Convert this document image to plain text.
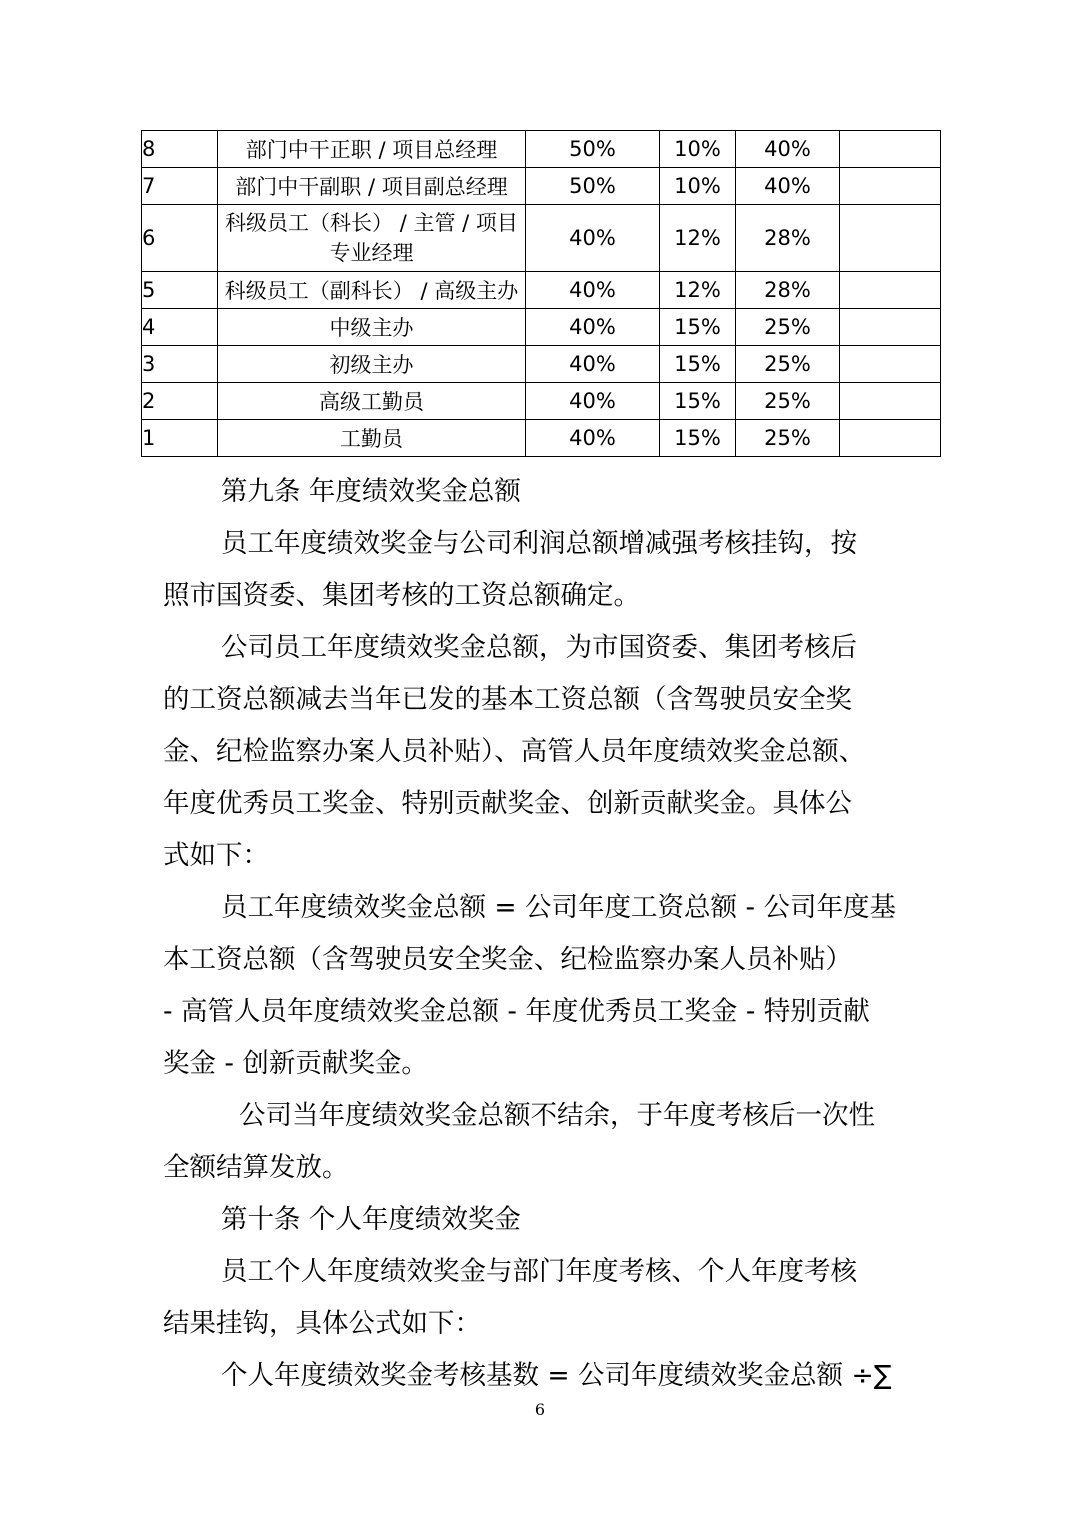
8	部门中干正职 / 项目总经理	50%	10%	40%	
7	部门中干副职 / 项目副总经理	50%	10%	40%	
6	科级员工（科长） / 主管 / 项目专业经理	40%	12%	28%	
5	科级员工（副科长） / 高级主办	40%	12%	28%	
4	中级主办	40%	15%	25%	
3	初级主办	40%	15%	25%	
2	高级工勤员	40%	15%	25%	
1	工勤员	40%	15%	25%	

第九条 年度绩效奖金总额

员工年度绩效奖金与公司利润总额增减强考核挂钩，按

照市国资委、集团考核的工资总额确定。

公司员工年度绩效奖金总额，为市国资委、集团考核后

的工资总额减去当年已发的基本工资总额（含驾驶员安全奖

金、纪检监察办案人员补贴）、高管人员年度绩效奖金总额、

年度优秀员工奖金、特别贡献奖金、创新贡献奖金。具体公

式如下：

员工年度绩效奖金总额 = 公司年度工资总额 - 公司年度基

本工资总额（含驾驶员安全奖金、纪检监察办案人员补贴）

- 高管人员年度绩效奖金总额 - 年度优秀员工奖金 - 特别贡献

奖金 - 创新贡献奖金。

公司当年度绩效奖金总额不结余，于年度考核后一次性

全额结算发放。

第十条 个人年度绩效奖金

员工个人年度绩效奖金与部门年度考核、个人年度考核

结果挂钩，具体公式如下：

个人年度绩效奖金考核基数 = 公司年度绩效奖金总额 ÷∑

6
